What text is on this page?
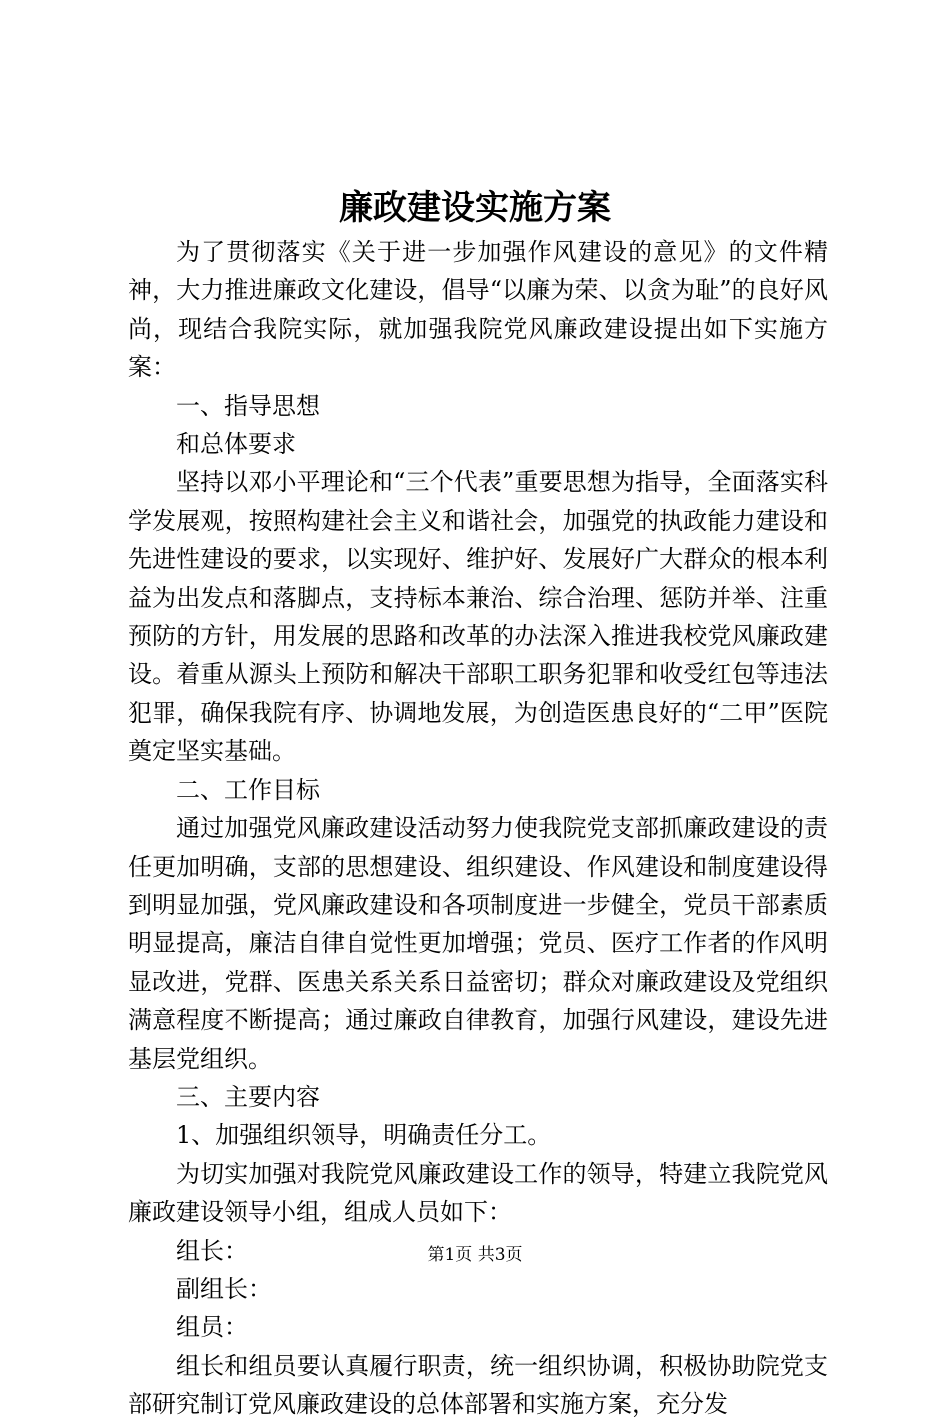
廉政建设实施方案

为了贯彻落实《关于进一步加强作风建设的意见》的文件精神，大力推进廉政文化建设，倡导“以廉为荣、以贪为耻”的良好风尚，现结合我院实际，就加强我院党风廉政建设提出如下实施方案：

一、指导思想

和总体要求

坚持以邓小平理论和“三个代表”重要思想为指导，全面落实科学发展观，按照构建社会主义和谐社会，加强党的执政能力建设和先进性建设的要求，以实现好、维护好、发展好广大群众的根本利益为出发点和落脚点，支持标本兼治、综合治理、惩防并举、注重预防的方针，用发展的思路和改革的办法深入推进我校党风廉政建设。着重从源头上预防和解决干部职工职务犯罪和收受红包等违法犯罪，确保我院有序、协调地发展，为创造医患良好的“二甲”医院奠定坚实基础。

二、工作目标

通过加强党风廉政建设活动努力使我院党支部抓廉政建设的责任更加明确，支部的思想建设、组织建设、作风建设和制度建设得到明显加强，党风廉政建设和各项制度进一步健全，党员干部素质明显提高，廉洁自律自觉性更加增强；党员、医疗工作者的作风明显改进，党群、医患关系关系日益密切；群众对廉政建设及党组织满意程度不断提高；通过廉政自律教育，加强行风建设，建设先进基层党组织。

三、主要内容

1、加强组织领导，明确责任分工。

为切实加强对我院党风廉政建设工作的领导，特建立我院党风廉政建设领导小组，组成人员如下：

组长：

副组长：

组员：

组长和组员要认真履行职责，统一组织协调，积极协助院党支部研究制订党风廉政建设的总体部署和实施方案，充分发

第1页 共3页
